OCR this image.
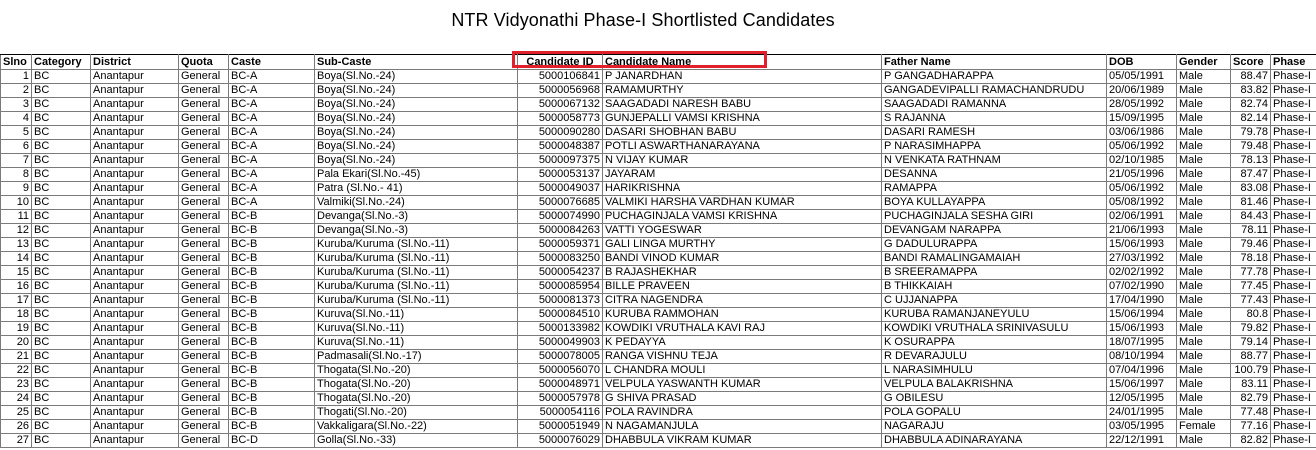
NTR Vidyonathi Phase-I Shortlisted Candidates
Slno	Category	District	Quota	Caste	Sub-Caste	Candidate ID	Candidate Name	Father Name	DOB	Gender	Score	Phase
1	BC	Anantapur	General	BC-A	Boya(Sl.No.-24)	5000106841	P JANARDHAN	P GANGADHARAPPA	05/05/1991	Male	88.47	Phase-I
2	BC	Anantapur	General	BC-A	Boya(Sl.No.-24)	5000056968	RAMAMURTHY	GANGADEVIPALLI RAMACHANDRUDU	20/06/1989	Male	83.82	Phase-I
3	BC	Anantapur	General	BC-A	Boya(Sl.No.-24)	5000067132	SAAGADADI NARESH BABU	SAAGADADI RAMANNA	28/05/1992	Male	82.74	Phase-I
4	BC	Anantapur	General	BC-A	Boya(Sl.No.-24)	5000058773	GUNJEPALLI VAMSI KRISHNA	S RAJANNA	15/09/1995	Male	82.14	Phase-I
5	BC	Anantapur	General	BC-A	Boya(Sl.No.-24)	5000090280	DASARI SHOBHAN BABU	DASARI RAMESH	03/06/1986	Male	79.78	Phase-I
6	BC	Anantapur	General	BC-A	Boya(Sl.No.-24)	5000048387	POTLI ASWARTHANARAYANA	P NARASIMHAPPA	05/06/1992	Male	79.48	Phase-I
7	BC	Anantapur	General	BC-A	Boya(Sl.No.-24)	5000097375	N VIJAY KUMAR	N VENKATA RATHNAM	02/10/1985	Male	78.13	Phase-I
8	BC	Anantapur	General	BC-A	Pala Ekari(Sl.No.-45)	5000053137	JAYARAM	DESANNA	21/05/1996	Male	87.47	Phase-I
9	BC	Anantapur	General	BC-A	Patra (Sl.No.- 41)	5000049037	HARIKRISHNA	RAMAPPA	05/06/1992	Male	83.08	Phase-I
10	BC	Anantapur	General	BC-A	Valmiki(Sl.No.-24)	5000076685	VALMIKI HARSHA VARDHAN KUMAR	BOYA KULLAYAPPA	05/08/1992	Male	81.46	Phase-I
11	BC	Anantapur	General	BC-B	Devanga(Sl.No.-3)	5000074990	PUCHAGINJALA VAMSI KRISHNA	PUCHAGINJALA SESHA GIRI	02/06/1991	Male	84.43	Phase-I
12	BC	Anantapur	General	BC-B	Devanga(Sl.No.-3)	5000084263	VATTI YOGESWAR	DEVANGAM NARAPPA	21/06/1993	Male	78.11	Phase-I
13	BC	Anantapur	General	BC-B	Kuruba/Kuruma (Sl.No.-11)	5000059371	GALI LINGA MURTHY	G DADULURAPPA	15/06/1993	Male	79.46	Phase-I
14	BC	Anantapur	General	BC-B	Kuruba/Kuruma (Sl.No.-11)	5000083250	BANDI VINOD KUMAR	BANDI RAMALINGAMAIAH	27/03/1992	Male	78.18	Phase-I
15	BC	Anantapur	General	BC-B	Kuruba/Kuruma (Sl.No.-11)	5000054237	B RAJASHEKHAR	B SREERAMAPPA	02/02/1992	Male	77.78	Phase-I
16	BC	Anantapur	General	BC-B	Kuruba/Kuruma (Sl.No.-11)	5000085954	BILLE PRAVEEN	B THIKKAIAH	07/02/1990	Male	77.45	Phase-I
17	BC	Anantapur	General	BC-B	Kuruba/Kuruma (Sl.No.-11)	5000081373	CITRA NAGENDRA	C UJJANAPPA	17/04/1990	Male	77.43	Phase-I
18	BC	Anantapur	General	BC-B	Kuruva(Sl.No.-11)	5000084510	KURUBA RAMMOHAN	KURUBA RAMANJANEYULU	15/06/1994	Male	80.8	Phase-I
19	BC	Anantapur	General	BC-B	Kuruva(Sl.No.-11)	5000133982	KOWDIKI VRUTHALA KAVI RAJ	KOWDIKI VRUTHALA SRINIVASULU	15/06/1993	Male	79.82	Phase-I
20	BC	Anantapur	General	BC-B	Kuruva(Sl.No.-11)	5000049903	K PEDAYYA	K OSURAPPA	18/07/1995	Male	79.14	Phase-I
21	BC	Anantapur	General	BC-B	Padmasali(Sl.No.-17)	5000078005	RANGA VISHNU TEJA	R DEVARAJULU	08/10/1994	Male	88.77	Phase-I
22	BC	Anantapur	General	BC-B	Thogata(Sl.No.-20)	5000056070	L CHANDRA MOULI	L NARASIMHULU	07/04/1996	Male	100.79	Phase-I
23	BC	Anantapur	General	BC-B	Thogata(Sl.No.-20)	5000048971	VELPULA YASWANTH KUMAR	VELPULA BALAKRISHNA	15/06/1997	Male	83.11	Phase-I
24	BC	Anantapur	General	BC-B	Thogata(Sl.No.-20)	5000057978	G SHIVA PRASAD	G OBILESU	12/05/1995	Male	82.79	Phase-I
25	BC	Anantapur	General	BC-B	Thogati(Sl.No.-20)	5000054116	POLA RAVINDRA	POLA GOPALU	24/01/1995	Male	77.48	Phase-I
26	BC	Anantapur	General	BC-B	Vakkaligara(Sl.No.-22)	5000051949	N NAGAMANJULA	NAGARAJU	03/05/1995	Female	77.16	Phase-I
27	BC	Anantapur	General	BC-D	Golla(Sl.No.-33)	5000076029	DHABBULA VIKRAM KUMAR	DHABBULA ADINARAYANA	22/12/1991	Male	82.82	Phase-I
